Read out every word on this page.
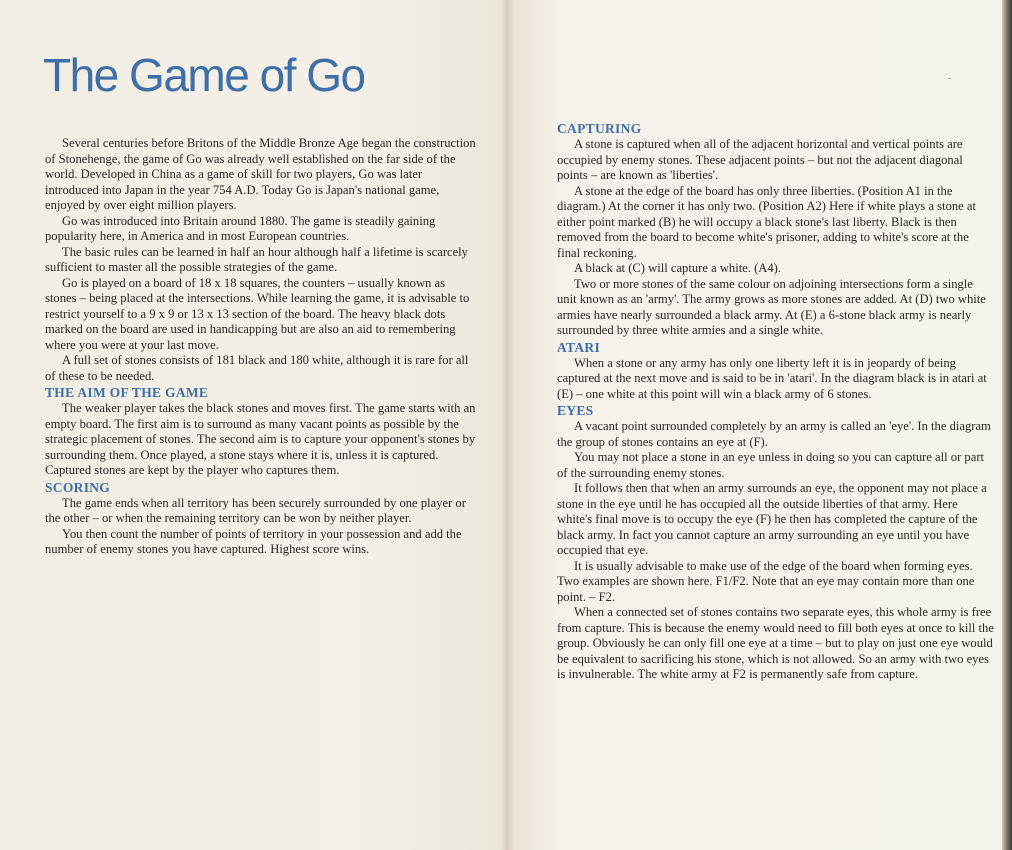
The Game of Go	-

Several centuries before Britons of the Middle Bronze Age began the construction of Stonehenge, the game of Go was already well established on the far side of the world. Developed in China as a game of skill for two players, Go was later introduced into Japan in the year 754 A.D. Today Go is Japan's national game, enjoyed by over eight million players.

Go was introduced into Britain around 1880. The game is steadily gaining popularity here, in America and in most European countries.

The basic rules can be learned in half an hour although half a lifetime is scarcely sufficient to master all the possible strategies of the game.

Go is played on a board of 18 x 18 squares, the counters – usually known as stones – being placed at the intersections. While learning the game, it is advisable to restrict yourself to a 9 x 9 or 13 x 13 section of the board. The heavy black dots marked on the board are used in handicapping but are also an aid to remembering where you were at your last move.

A full set of stones consists of 181 black and 180 white, although it is rare for all of these to be needed.

THE AIM OF THE GAME

The weaker player takes the black stones and moves first. The game starts with an empty board. The first aim is to surround as many vacant points as possible by the strategic placement of stones. The second aim is to capture your opponent's stones by surrounding them. Once played, a stone stays where it is, unless it is captured. Captured stones are kept by the player who captures them.

SCORING

The game ends when all territory has been securely surrounded by one player or the other – or when the remaining territory can be won by neither player.

You then count the number of points of territory in your possession and add the number of enemy stones you have captured. Highest score wins.

CAPTURING

A stone is captured when all of the adjacent horizontal and vertical points are occupied by enemy stones. These adjacent points – but not the adjacent diagonal points – are known as 'liberties'.

A stone at the edge of the board has only three liberties. (Position A1 in the diagram.) At the corner it has only two. (Position A2) Here if white plays a stone at either point marked (B) he will occupy a black stone's last liberty. Black is then removed from the board to become white's prisoner, adding to white's score at the final reckoning.

A black at (C) will capture a white. (A4).

Two or more stones of the same colour on adjoining intersections form a single unit known as an 'army'. The army grows as more stones are added. At (D) two white armies have nearly surrounded a black army. At (E) a 6-stone black army is nearly surrounded by three white armies and a single white.

ATARI

When a stone or any army has only one liberty left it is in jeopardy of being captured at the next move and is said to be in 'atari'. In the diagram black is in atari at (E) – one white at this point will win a black army of 6 stones.

EYES

A vacant point surrounded completely by an army is called an 'eye'. In the diagram the group of stones contains an eye at (F).

You may not place a stone in an eye unless in doing so you can capture all or part of the surrounding enemy stones.

It follows then that when an army surrounds an eye, the opponent may not place a stone in the eye until he has occupied all the outside liberties of that army. Here white's final move is to occupy the eye (F) he then has completed the capture of the black army. In fact you cannot capture an army surrounding an eye until you have occupied that eye.

It is usually advisable to make use of the edge of the board when forming eyes. Two examples are shown here. F1/F2. Note that an eye may contain more than one point. – F2.

When a connected set of stones contains two separate eyes, this whole army is free from capture. This is because the enemy would need to fill both eyes at once to kill the group. Obviously he can only fill one eye at a time – but to play on just one eye would be equivalent to sacrificing his stone, which is not allowed. So an army with two eyes is invulnerable. The white army at F2 is permanently safe from capture.
